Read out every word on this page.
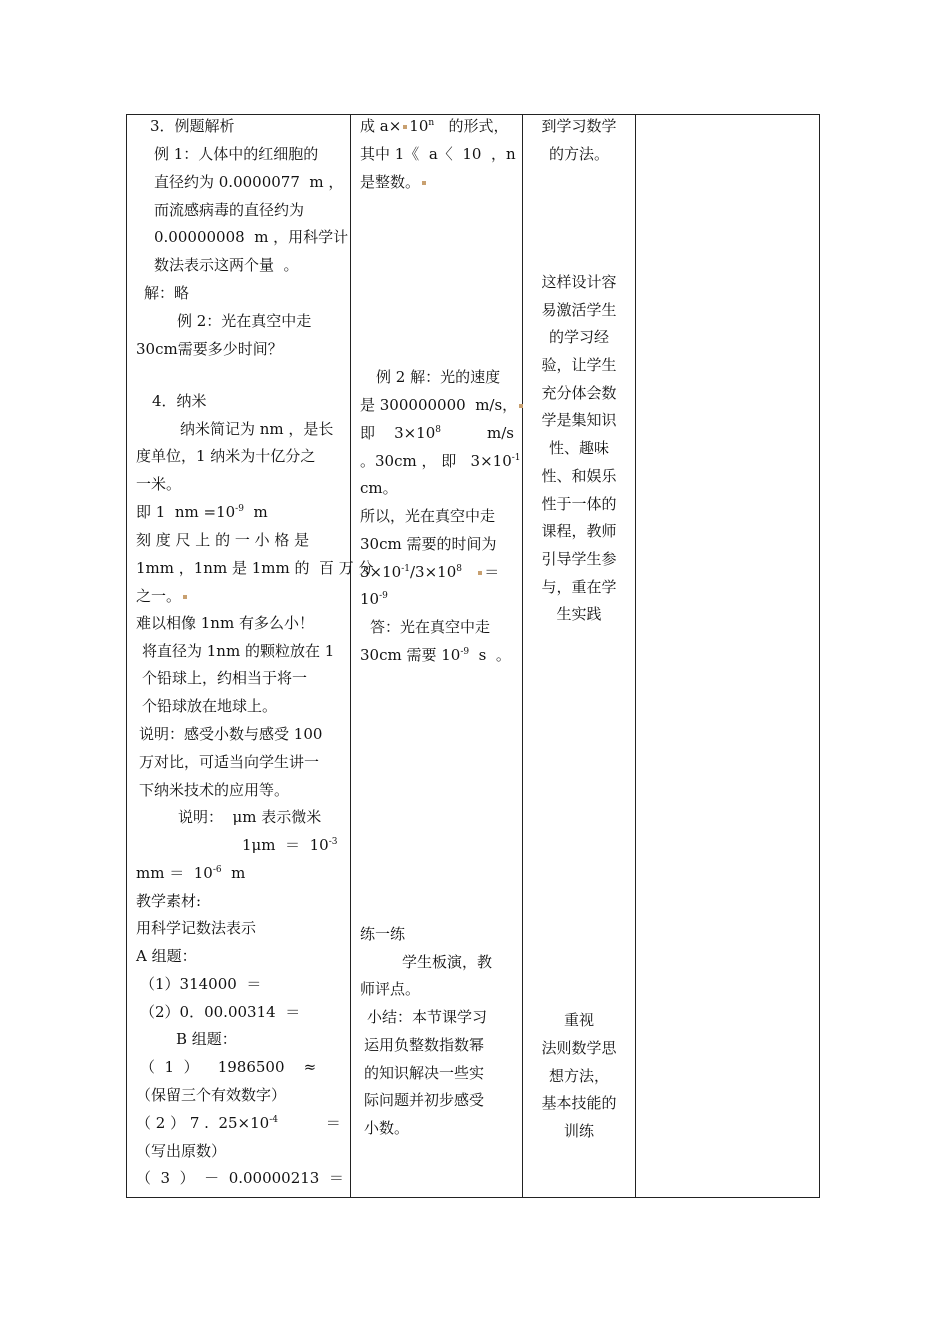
3．例题解析
例 1：人体中的红细胞的
直径约为 0.0000077  m ，
而流感病毒的直径约为
0.00000008  m ，用科学计
数法表示这两个量  。
解：略
例 2：光在真空中走
30cm需要多少时间？
4．纳米
纳米简记为 nm ，是长
度单位，1 纳米为十亿分之
一米。
即 1  nm $=10^{-9}$ m
刻 度 尺 上 的 一 小 格 是
1mm ，1nm 是 1mm 的  百 万 分
之一。
难以相像 1nm 有多么小！
将直径为 1nm 的颗粒放在 1
个铅球上，约相当于将一
个铅球放在地球上。
说明：感受小数与感受 100
万对比，可适当向学生讲一
下纳米技术的应用等。
说明：  μm 表示微米
$1\mu m = 10^{-3}$
mm ＝  $10^{-6}$ m
教学素材:
用科学记数法表示
A 组题：
（2）0．00.00314  ＝
（1）314000  ＝
B 组题：
（  1  ）    1986500    ≈
（保留三个有效数字）
（ 2 ） 7 .  $25\times 10^{-4}$	＝
（写出原数）
（  3  ）  －  0.00000213  ＝
成 $a\times 10^n$ 的形式，
其中 1《  a〈  10  ，n
是整数。
例 2 解：光的速度
是 300000000  m/s，
即    $3\times 10^8$	m/s
。30cm ， 即   $3\times 10^{-1}$
cm。
所以，光在真空中走
30cm 需要的时间为
$3\times 10^{-1}/3\times 10^8$ ＝
$10^{-9}$
答：光在真空中走
30cm 需要 $10^{-9}$ s  。
练一练
学生板演，教
师评点。
小结：本节课学习
运用负整数指数幂
的知识解决一些实
际问题并初步感受
小数。
到学习数学
的方法。
这样设计容
易激活学生
的学习经
验，让学生
充分体会数
学是集知识
性、趣味
性、和娱乐
性于一体的
课程，教师
引导学生参
与，重在学
生实践
重视
法则数学思
想方法，
基本技能的
训练
